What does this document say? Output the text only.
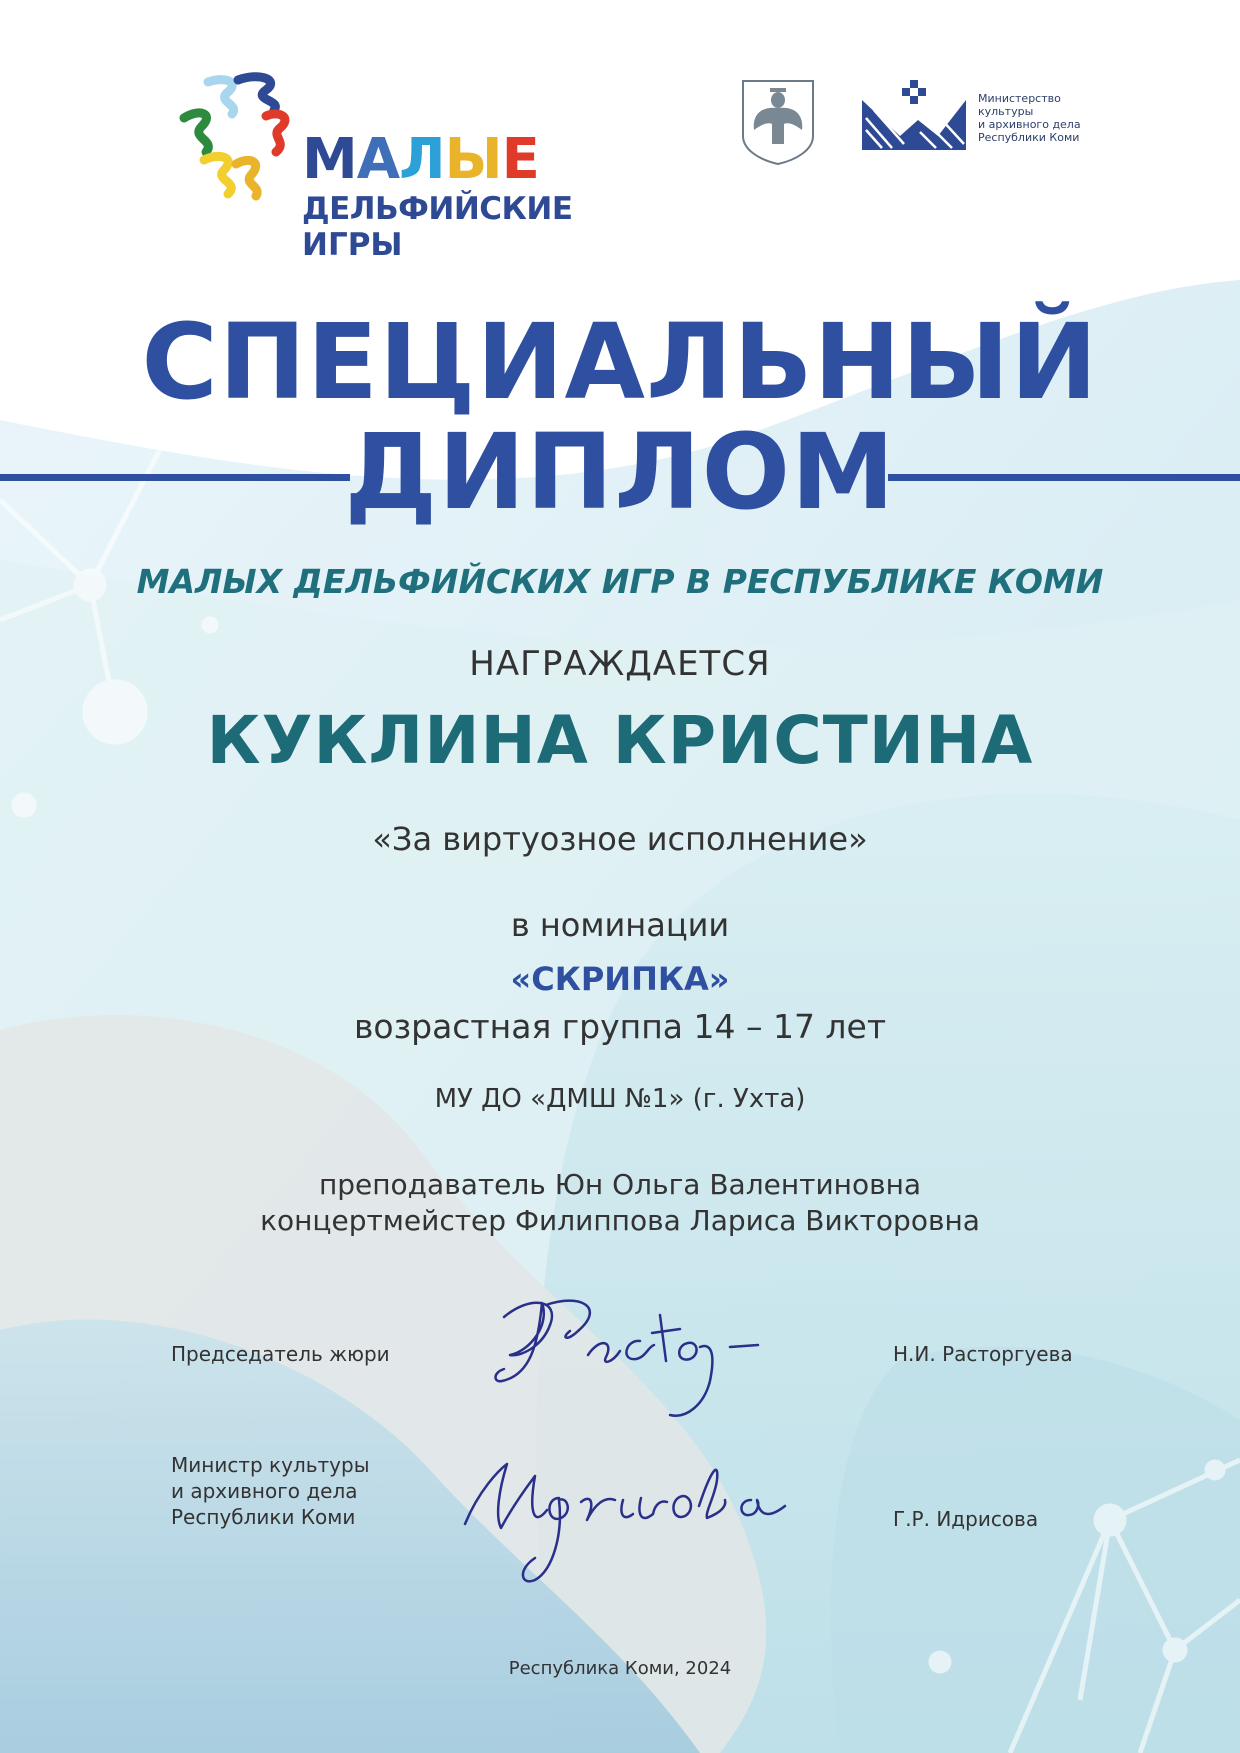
МАЛЫЕ
ДЕЛЬФИЙСКИЕ
ИГРЫ
Министерство
культуры
и архивного дела
Республики Коми
СПЕЦИАЛЬНЫЙ
ДИПЛОМ
МАЛЫХ ДЕЛЬФИЙСКИХ ИГР В РЕСПУБЛИКЕ КОМИ
НАГРАЖДАЕТСЯ
КУКЛИНА КРИСТИНА
«За виртуозное исполнение»
в номинации
«СКРИПКА»
возрастная группа 14 – 17 лет
МУ ДО «ДМШ №1» (г. Ухта)
преподаватель Юн Ольга Валентиновна
концертмейстер Филиппова Лариса Викторовна
Председатель жюри	Н.И. Расторгуева
Министр культуры
и архивного дела
Республики Коми	Г.Р. Идрисова
Республика Коми, 2024
